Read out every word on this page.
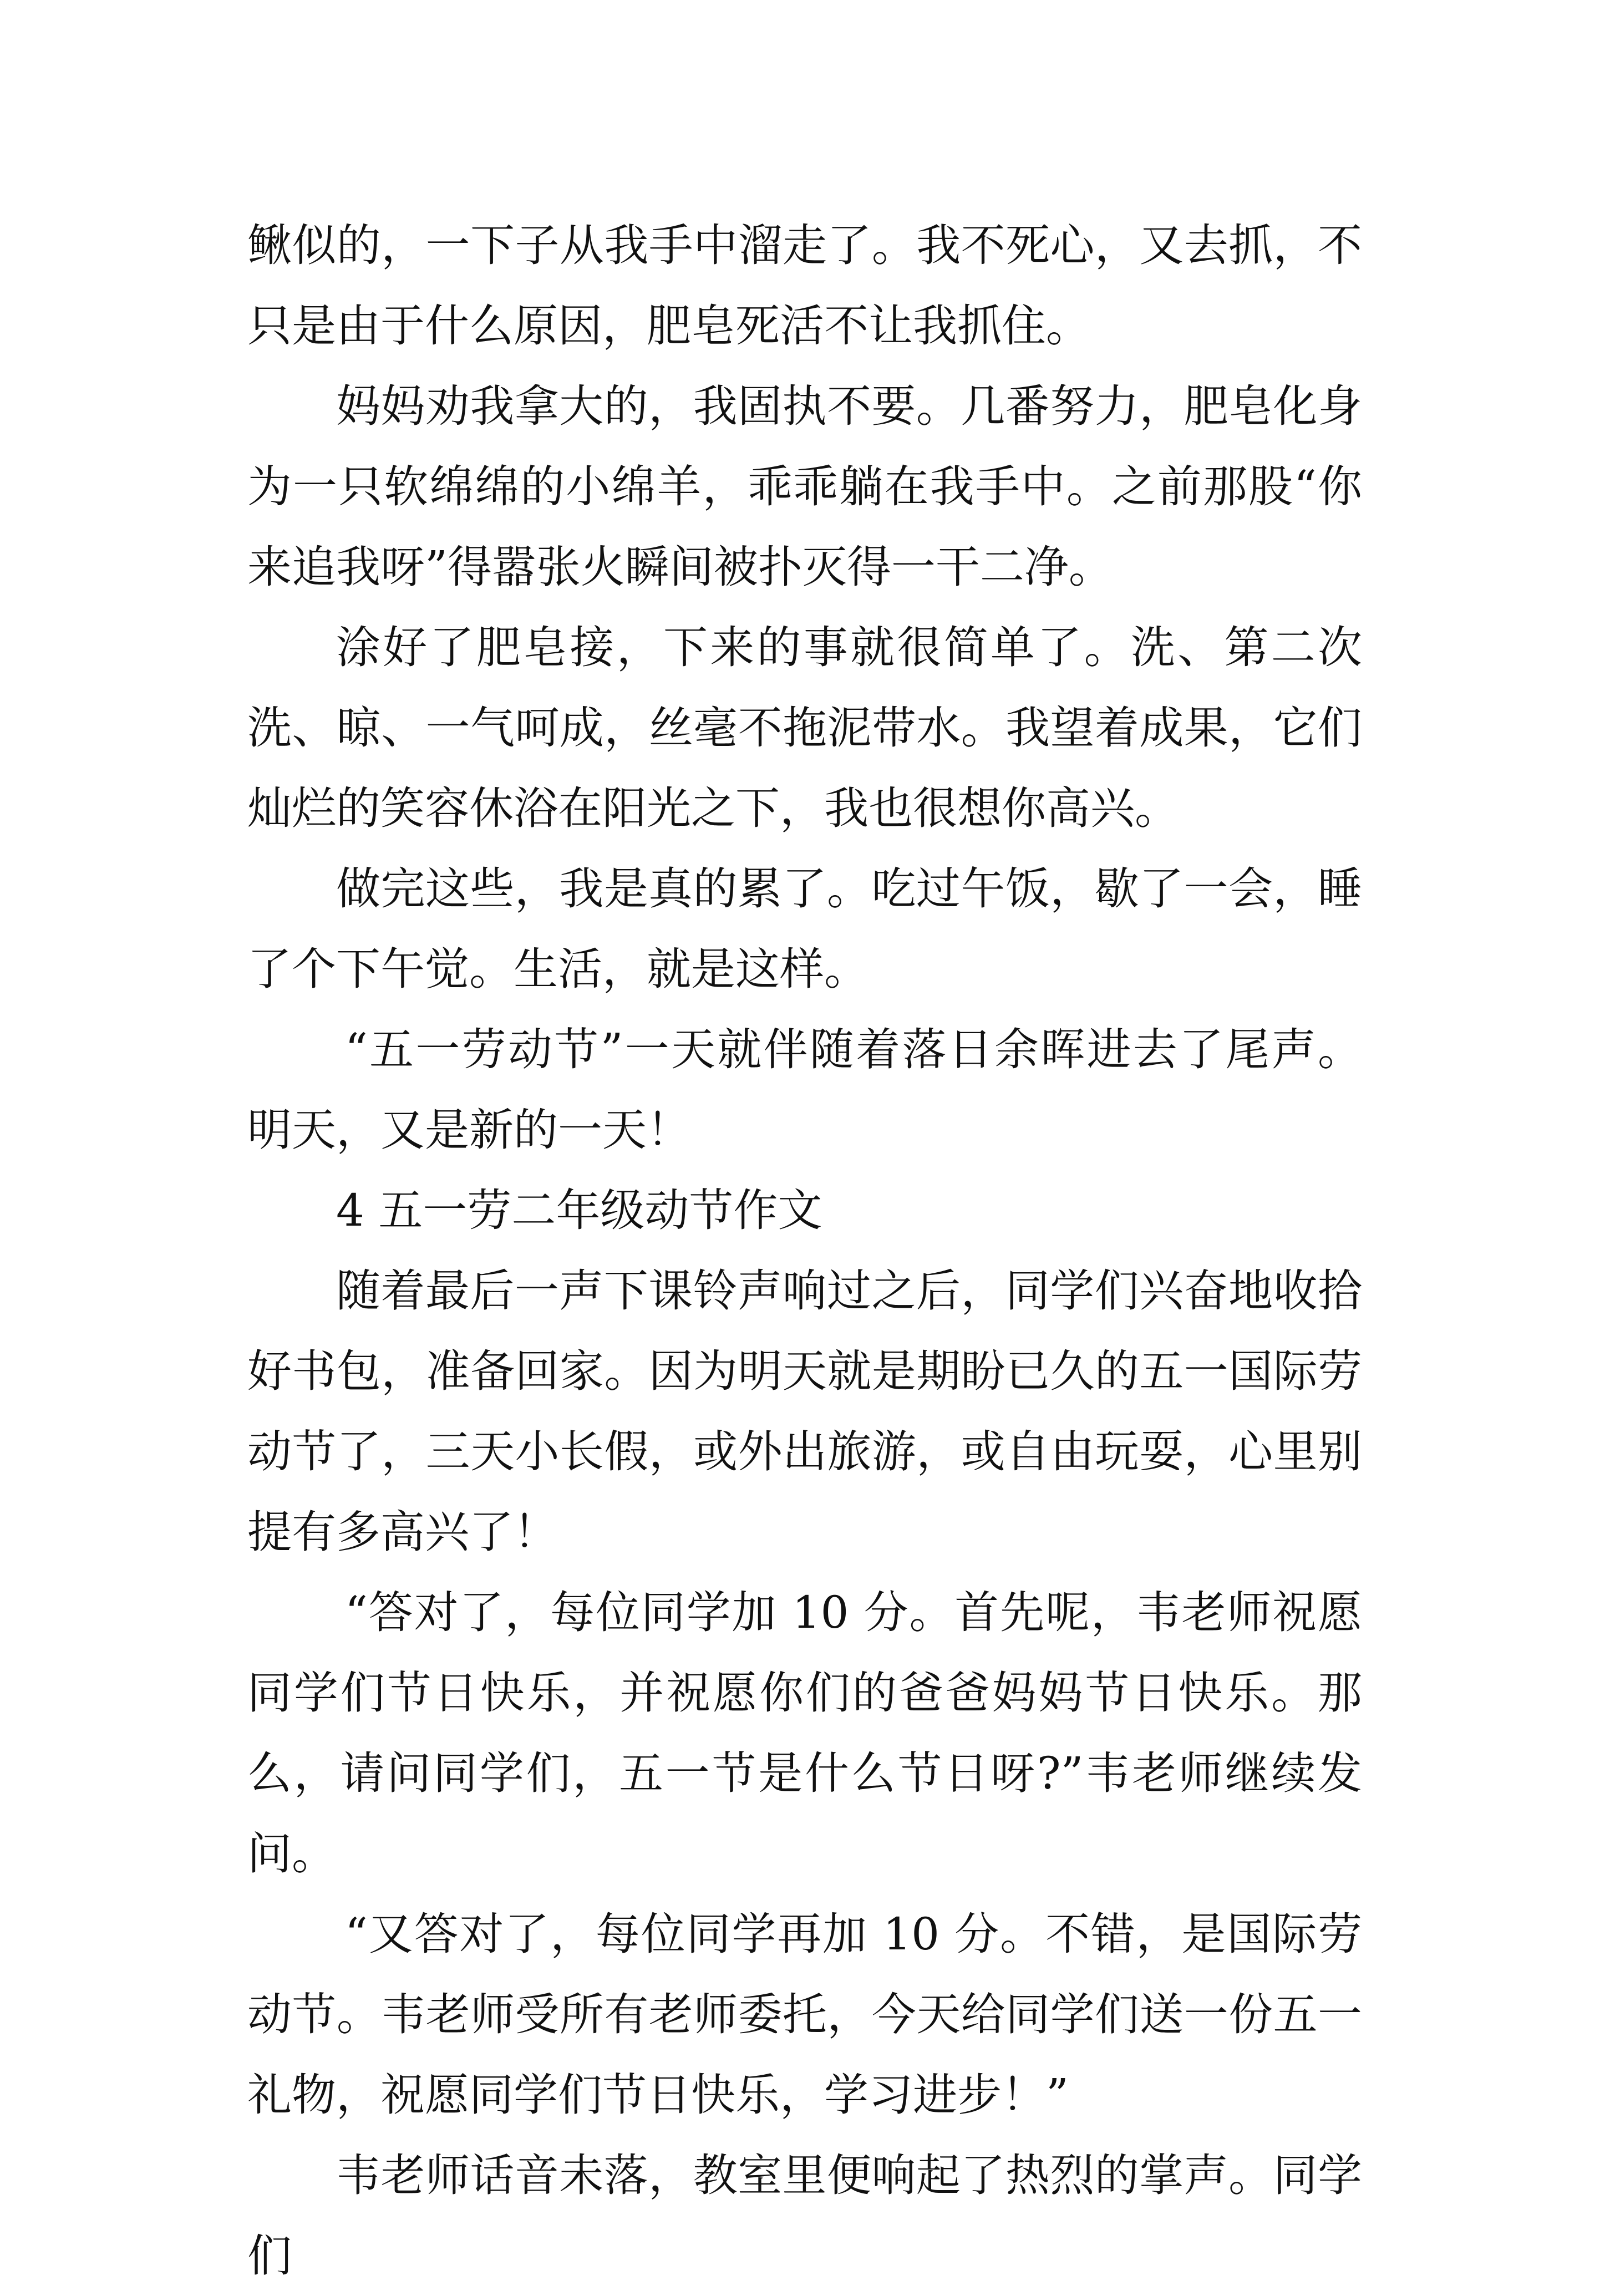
鳅似的，一下子从我手中溜走了。我不死心，又去抓，不只是由于什么原因，肥皂死活不让我抓住。

妈妈劝我拿大的，我固执不要。几番努力，肥皂化身为一只软绵绵的小绵羊，乖乖躺在我手中。之前那股“你来追我呀”得嚣张火瞬间被扑灭得一干二净。

涂好了肥皂接，下来的事就很简单了。洗、第二次洗、晾、一气呵成，丝毫不拖泥带水。我望着成果，它们灿烂的笑容休浴在阳光之下，我也很想你高兴。

做完这些，我是真的累了。吃过午饭，歇了一会，睡了个下午觉。生活，就是这样。

“五一劳动节”一天就伴随着落日余晖进去了尾声。明天，又是新的一天！

4 五一劳二年级动节作文

随着最后一声下课铃声响过之后，同学们兴奋地收拾好书包，准备回家。因为明天就是期盼已久的五一国际劳动节了，三天小长假，或外出旅游，或自由玩耍，心里别提有多高兴了！

“答对了，每位同学加 10 分。首先呢，韦老师祝愿同学们节日快乐，并祝愿你们的爸爸妈妈节日快乐。那么，请问同学们，五一节是什么节日呀?”韦老师继续发问。

“又答对了，每位同学再加 10 分。不错，是国际劳动节。韦老师受所有老师委托，今天给同学们送一份五一礼物，祝愿同学们节日快乐，学习进步！”

韦老师话音未落，教室里便响起了热烈的掌声。同学们
